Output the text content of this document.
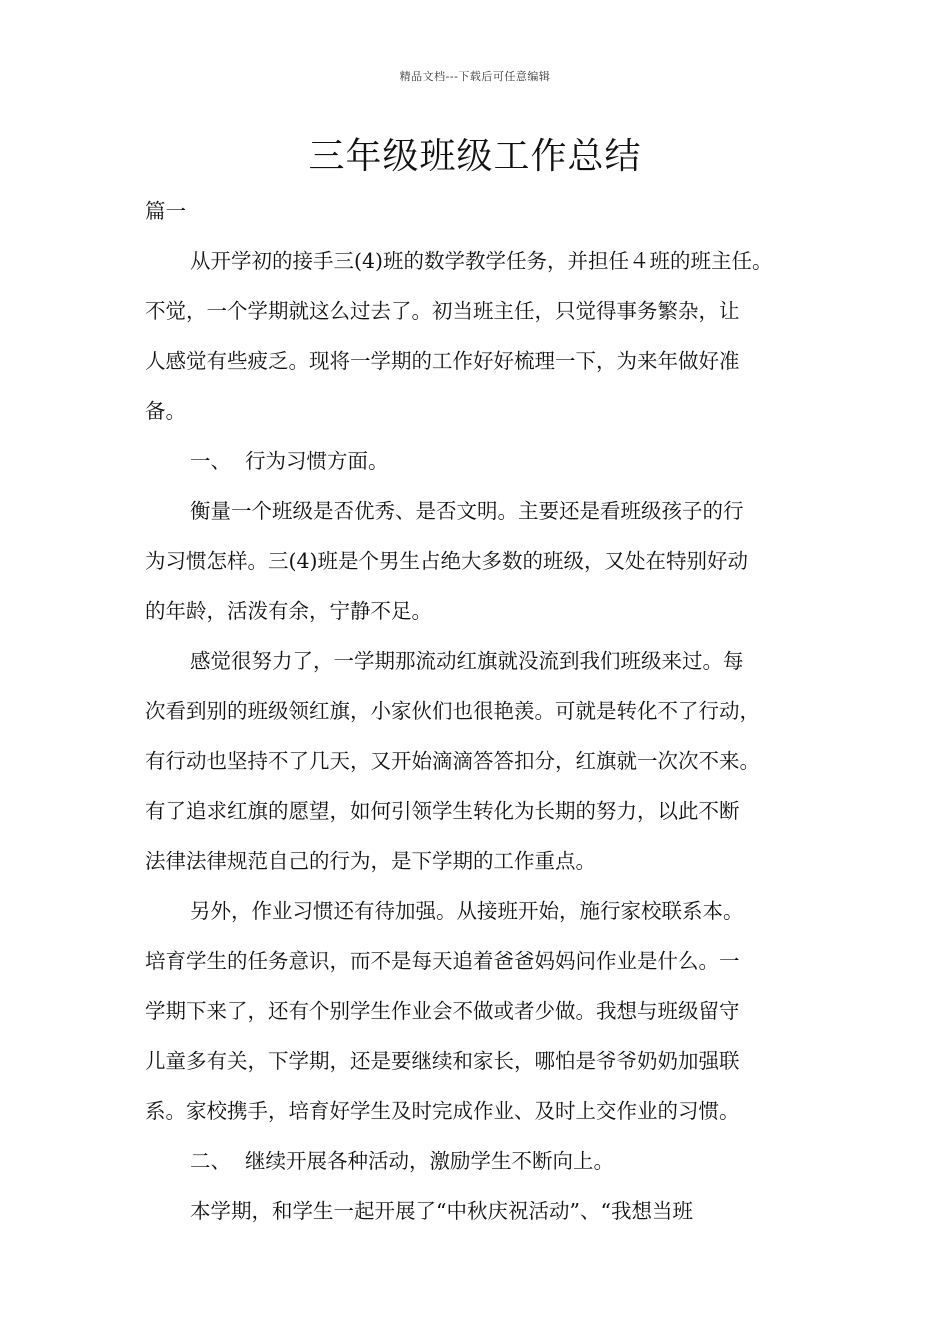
精品文档---下载后可任意编辑
三年级班级工作总结
篇一
从开学初的接手三(4)班的数学教学任务，并担任４班的班主任。
不觉，一个学期就这么过去了。初当班主任，只觉得事务繁杂，让
人感觉有些疲乏。现将一学期的工作好好梳理一下，为来年做好准
备。
一、 行为习惯方面。
衡量一个班级是否优秀、是否文明。主要还是看班级孩子的行
为习惯怎样。三(4)班是个男生占绝大多数的班级，又处在特别好动
的年龄，活泼有余，宁静不足。
感觉很努力了，一学期那流动红旗就没流到我们班级来过。每
次看到别的班级领红旗，小家伙们也很艳羡。可就是转化不了行动，
有行动也坚持不了几天，又开始滴滴答答扣分，红旗就一次次不来。
有了追求红旗的愿望，如何引领学生转化为长期的努力，以此不断
法律法律规范自己的行为，是下学期的工作重点。
另外，作业习惯还有待加强。从接班开始，施行家校联系本。
培育学生的任务意识，而不是每天追着爸爸妈妈问作业是什么。一
学期下来了，还有个别学生作业会不做或者少做。我想与班级留守
儿童多有关，下学期，还是要继续和家长，哪怕是爷爷奶奶加强联
系。家校携手，培育好学生及时完成作业、及时上交作业的习惯。
二、 继续开展各种活动，激励学生不断向上。
本学期，和学生一起开展了“中秋庆祝活动”、“我想当班
